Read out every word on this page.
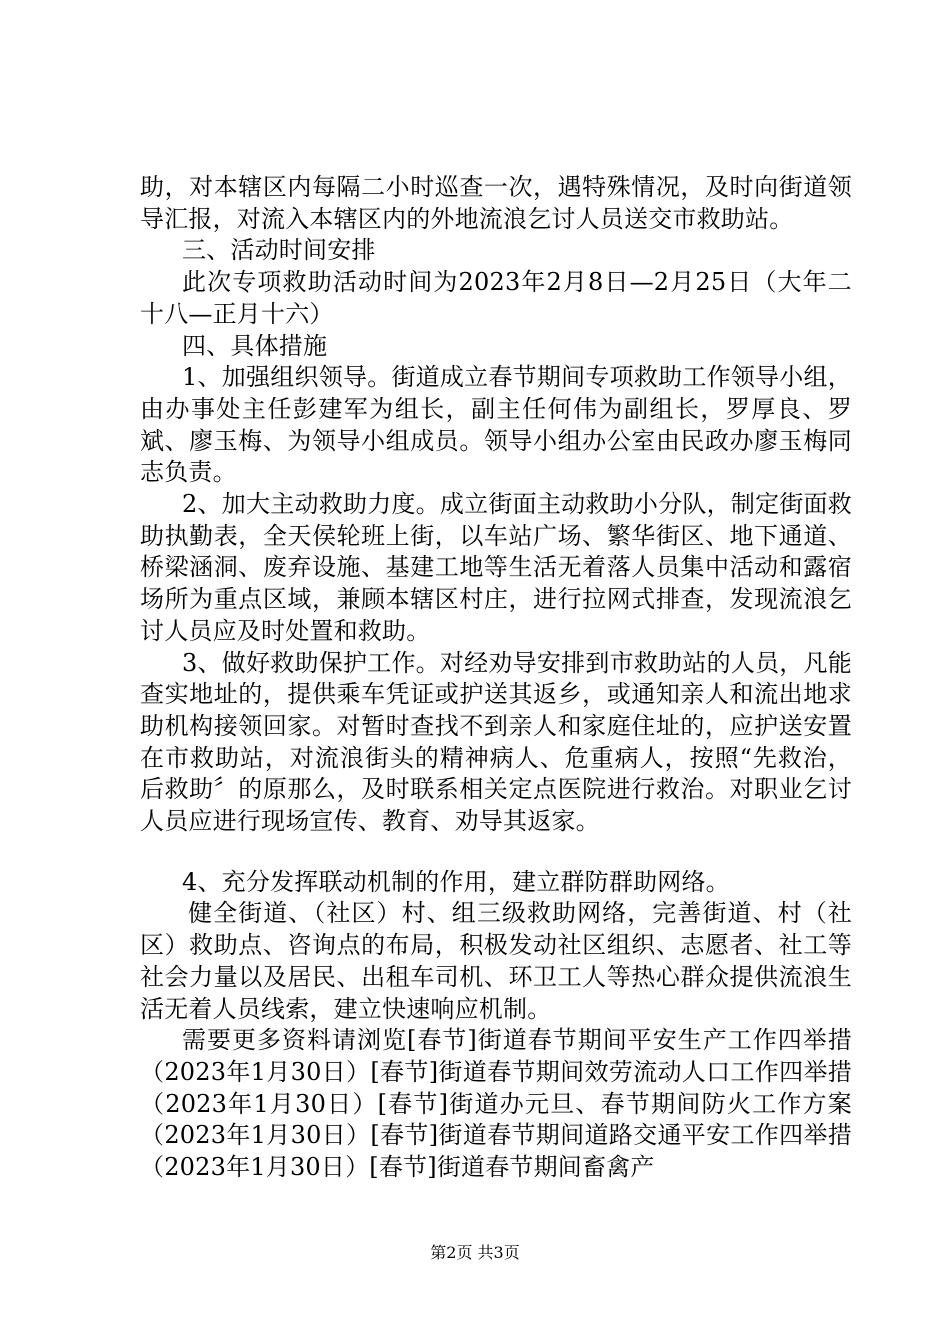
助，对本辖区内每隔二小时巡查一次，遇特殊情况，及时向街道领导汇报，对流入本辖区内的外地流浪乞讨人员送交市救助站。

三、活动时间安排

此次专项救助活动时间为2023年2月8日—2月25日（大年二十八—正月十六）

四、具体措施

1、加强组织领导。街道成立春节期间专项救助工作领导小组，由办事处主任彭建军为组长，副主任何伟为副组长，罗厚良、罗斌、廖玉梅、为领导小组成员。领导小组办公室由民政办廖玉梅同志负责。

2、加大主动救助力度。成立街面主动救助小分队，制定街面救助执勤表，全天侯轮班上街，以车站广场、繁华街区、地下通道、桥梁涵洞、废弃设施、基建工地等生活无着落人员集中活动和露宿场所为重点区域，兼顾本辖区村庄，进行拉网式排查，发现流浪乞讨人员应及时处置和救助。

3、做好救助保护工作。对经劝导安排到市救助站的人员，凡能查实地址的，提供乘车凭证或护送其返乡，或通知亲人和流出地求助机构接领回家。对暂时查找不到亲人和家庭住址的，应护送安置在市救助站，对流浪街头的精神病人、危重病人，按照“先救治，后救助〞的原那么，及时联系相关定点医院进行救治。对职业乞讨人员应进行现场宣传、教育、劝导其返家。

4、充分发挥联动机制的作用，建立群防群助网络。

健全街道、（社区）村、组三级救助网络，完善街道、村（社区）救助点、咨询点的布局，积极发动社区组织、志愿者、社工等社会力量以及居民、出租车司机、环卫工人等热心群众提供流浪生活无着人员线索，建立快速响应机制。

需要更多资料请浏览[春节]街道春节期间平安生产工作四举措（2023年1月30日）[春节]街道春节期间效劳流动人口工作四举措（2023年1月30日）[春节]街道办元旦、春节期间防火工作方案（2023年1月30日）[春节]街道春节期间道路交通平安工作四举措（2023年1月30日）[春节]街道春节期间畜禽产

第2页 共3页
